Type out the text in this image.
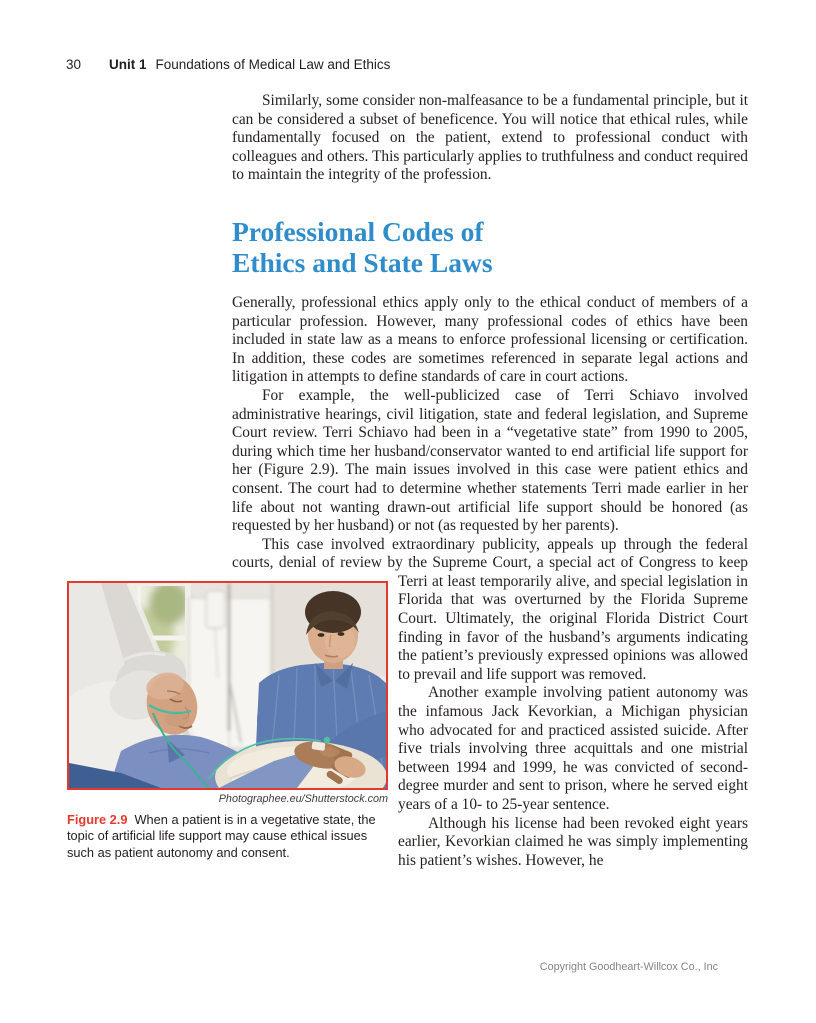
30	Unit 1 Foundations of Medical Law and Ethics
Similarly, some consider non-malfeasance to be a fundamental principle, but it can be considered a subset of beneficence. You will notice that ethical rules, while fundamentally focused on the patient, extend to professional conduct with colleagues and others. This particularly applies to truthfulness and conduct required to maintain the integrity of the profession.
Professional Codes of
Ethics and State Laws
Generally, professional ethics apply only to the ethical conduct of members of a particular profession. However, many professional codes of ethics have been included in state law as a means to enforce professional licensing or certification. In addition, these codes are sometimes referenced in separate legal actions and litigation in attempts to define standards of care in court actions.
For example, the well-publicized case of Terri Schiavo involved administrative hearings, civil litigation, state and federal legislation, and Supreme Court review. Terri Schiavo had been in a “vegetative state” from 1990 to 2005, during which time her husband/conservator wanted to end artificial life support for her (Figure 2.9). The main issues involved in this case were patient ethics and consent. The court had to determine whether statements Terri made earlier in her life about not wanting drawn-out artificial life support should be honored (as requested by her husband) or not (as requested by her parents).
This case involved extraordinary publicity, appeals up through the federal courts, denial of review by the Supreme Court, a special act of Congress to keep Terri at least temporarily alive, and special legislation
Photographee.eu/Shutterstock.com
Figure 2.9 When a patient is in a vegetative state, the topic of artificial life support may cause ethical issues such as patient autonomy and consent.
in Florida that was overturned by the Florida Supreme Court. Ultimately, the original Florida District Court finding in favor of the husband’s arguments indicating the patient’s previously expressed opinions was allowed to prevail and life support was removed.
Another example involving patient autonomy was the infamous Jack Kevorkian, a Michigan physician who advocated for and practiced assisted suicide. After five trials involving three acquittals and one mistrial between 1994 and 1999, he was convicted of second-degree murder and sent to prison, where he served eight years of a 10- to 25-year sentence.
Although his license had been revoked eight years earlier, Kevorkian claimed he was simply implementing his patient’s wishes. However, he
Copyright Goodheart-Willcox Co., Inc
